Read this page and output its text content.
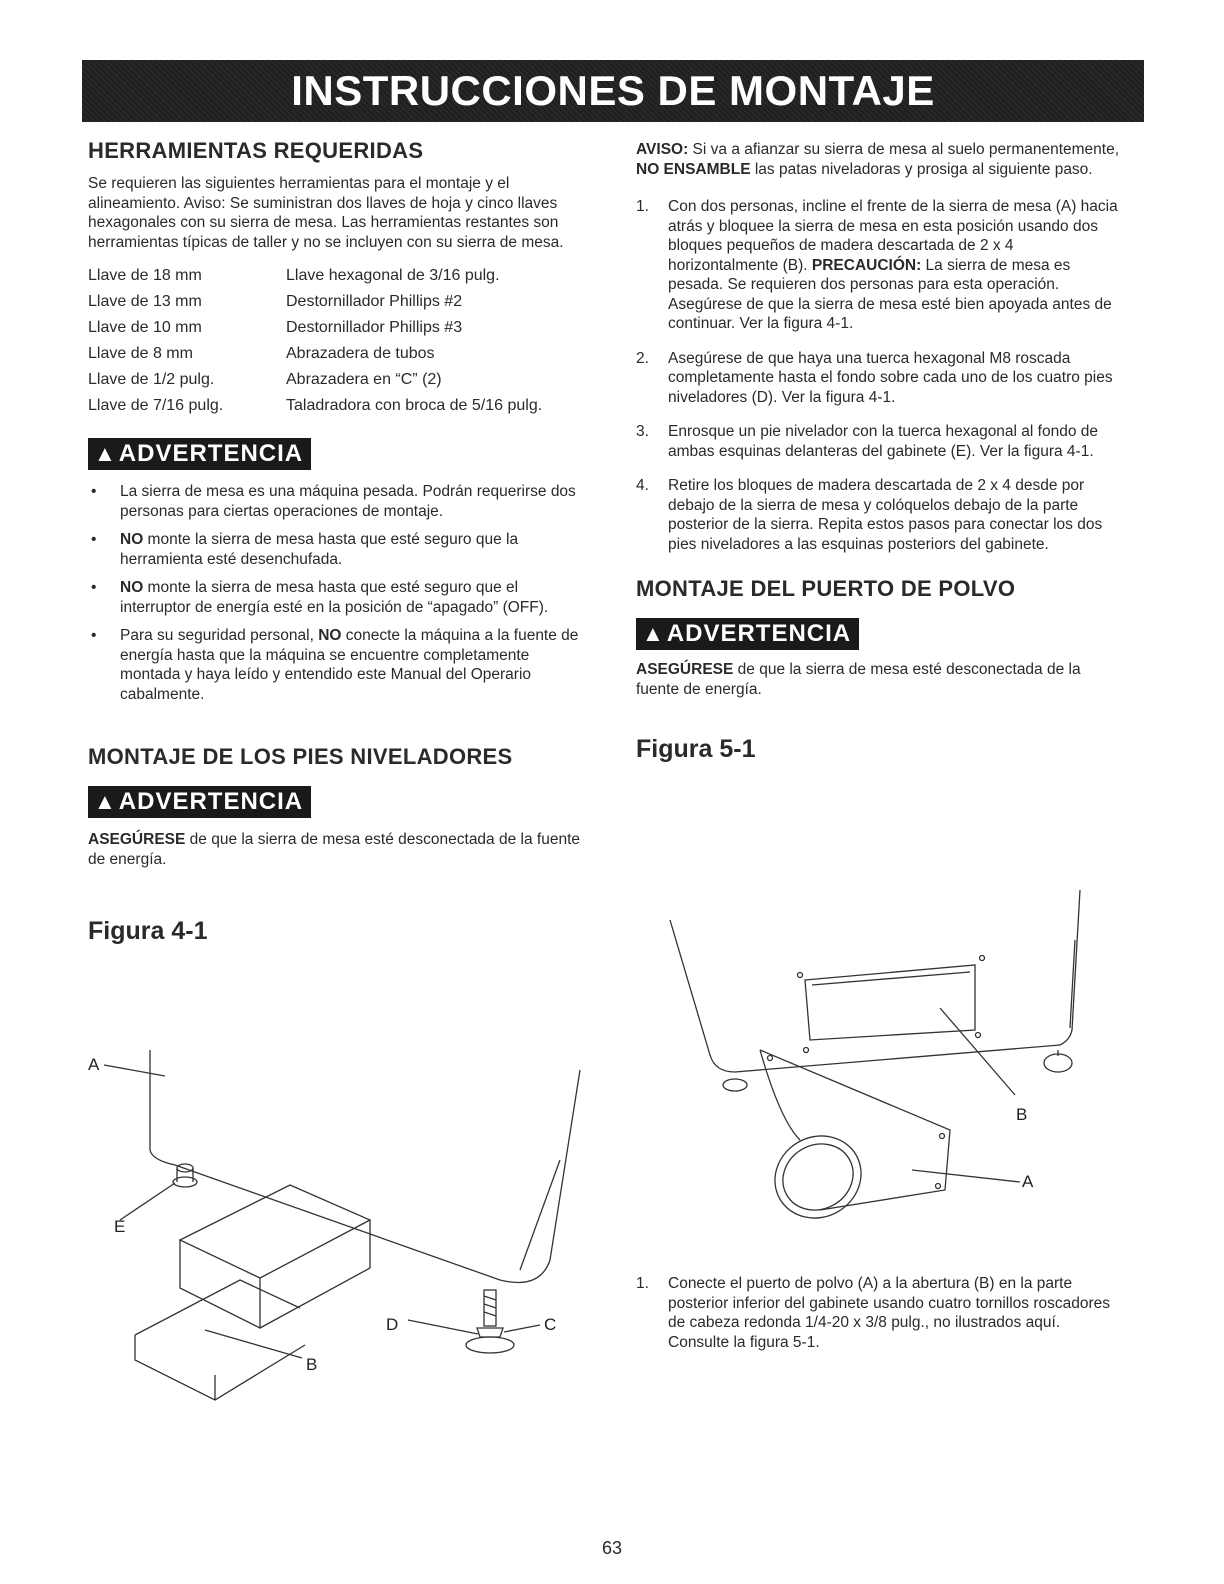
INSTRUCCIONES DE MONTAJE
HERRAMIENTAS REQUERIDAS

Se requieren las siguientes herramientas para el montaje y el alineamiento. Aviso: Se suministran dos llaves de hoja y cinco llaves hexagonales con su sierra de mesa. Las herramientas restantes son herramientas típicas de taller y no se incluyen con su sierra de mesa.

Llave de 18 mm	Llave hexagonal de 3/16 pulg.
Llave de 13 mm	Destornillador Phillips #2
Llave de 10 mm	Destornillador Phillips #3
Llave de 8 mm	Abrazadera de tubos
Llave de 1/2 pulg.	Abrazadera en “C” (2)
Llave de 7/16 pulg.	Taladradora con broca de 5/16 pulg.
▲ADVERTENCIA
• La sierra de mesa es una máquina pesada. Podrán requerirse dos personas para ciertas operaciones de montaje.
• NO monte la sierra de mesa hasta que esté seguro que la herramienta esté desenchufada.
• NO monte la sierra de mesa hasta que esté seguro que el interruptor de energía esté en la posición de “apagado” (OFF).
• Para su seguridad personal, NO conecte la máquina a la fuente de energía hasta que la máquina se encuentre completamente montada y haya leído y entendido este Manual del Operario cabalmente.
MONTAJE DE LOS PIES NIVELADORES
▲ADVERTENCIA

ASEGÚRESE de que la sierra de mesa esté desconectada de la fuente de energía.

Figura 4-1
A
E
D	C
B

AVISO: Si va a afianzar su sierra de mesa al suelo permanentemente, NO ENSAMBLE las patas niveladoras y prosiga al siguiente paso.

1. Con dos personas, incline el frente de la sierra de mesa (A) hacia atrás y bloquee la sierra de mesa en esta posición usando dos bloques pequeños de madera descartada de 2 x 4 horizontalmente (B). PRECAUCIÓN: La sierra de mesa es pesada. Se requieren dos personas para esta operación. Asegúrese de que la sierra de mesa esté bien apoyada antes de continuar. Ver la figura 4-1.
2. Asegúrese de que haya una tuerca hexagonal M8 roscada completamente hasta el fondo sobre cada uno de los cuatro pies niveladores (D). Ver la figura 4-1.
3. Enrosque un pie nivelador con la tuerca hexagonal al fondo de ambas esquinas delanteras del gabinete (E). Ver la figura 4-1.
4. Retire los bloques de madera descartada de 2 x 4 desde por debajo de la sierra de mesa y colóquelos debajo de la parte posterior de la sierra. Repita estos pasos para conectar los dos pies niveladores a las esquinas posteriors del gabinete.
MONTAJE DEL PUERTO DE POLVO
▲ADVERTENCIA

ASEGÚRESE de que la sierra de mesa esté desconectada de la fuente de energía.

Figura 5-1
B
A
1. Conecte el puerto de polvo (A) a la abertura (B) en la parte posterior inferior del gabinete usando cuatro tornillos roscadores de cabeza redonda 1/4-20 x 3/8 pulg., no ilustrados aquí. Consulte la figura 5-1.
63
